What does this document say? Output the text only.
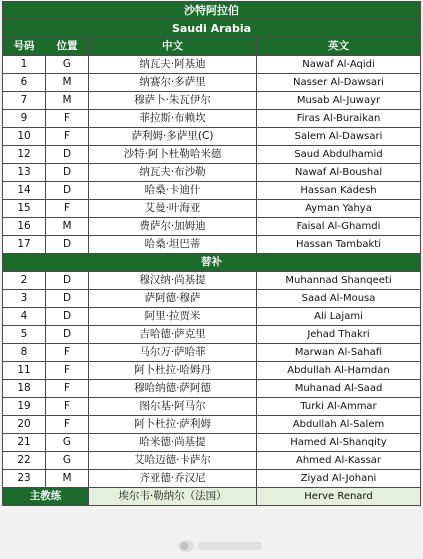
沙特阿拉伯			
Saudi Arabia			
号码	位置	中文	英文
1	G	纳瓦夫·阿基迪	Nawaf Al-Aqidi
6	M	纳赛尔·多萨里	Nasser Al-Dawsari
7	M	穆萨卜·朱瓦伊尔	Musab Al-Juwayr
9	F	菲拉斯·布赖坎	Firas Al-Buraikan
10	F	萨利姆·多萨里(C)	Salem Al-Dawsari
12	D	沙特·阿卜杜勒哈米德	Saud Abdulhamid
13	D	纳瓦夫·布沙勒	Nawaf Al-Boushal
14	D	哈桑·卡迪什	Hassan Kadesh
15	F	艾曼·叶海亚	Ayman Yahya
16	M	费萨尔·加姆迪	Faisal Al-Ghamdi
17	D	哈桑·坦巴蒂	Hassan Tambakti
替补			
2	D	穆汉纳·尚基提	Muhannad Shanqeeti
3	D	萨阿德·穆萨	Saad Al-Mousa
4	D	阿里·拉贾米	Ali Lajami
5	D	吉哈德·萨克里	Jehad Thakri
8	F	马尔万·萨哈菲	Marwan Al-Sahafi
11	F	阿卜杜拉·哈姆丹	Abdullah Al-Hamdan
18	F	穆哈纳德·萨阿德	Muhanad Al-Saad
19	F	图尔基·阿马尔	Turki Al-Ammar
20	F	阿卜杜拉·萨利姆	Abdullah Al-Salem
21	G	哈米德·尚基提	Hamed Al-Shanqity
22	G	艾哈迈德·卡萨尔	Ahmed Al-Kassar
23	M	齐亚德·乔汉尼	Ziyad Al-Johani
主教练		埃尔韦·勒纳尔（法国）	Herve Renard
